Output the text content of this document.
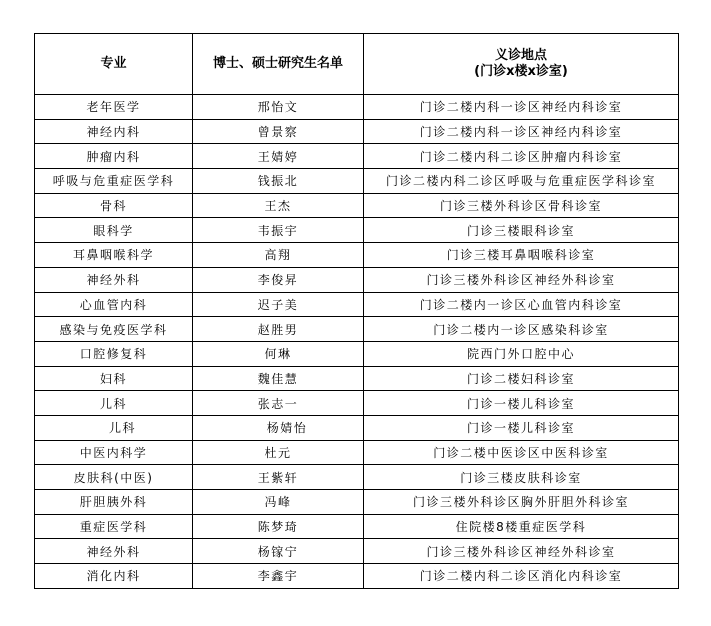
专业	博士、硕士研究生名单	义诊地点
(门诊x楼x诊室)

老年医学	邢怡文	门诊二楼内科一诊区神经内科诊室
神经内科	曾景察	门诊二楼内科一诊区神经内科诊室
肿瘤内科	王婧婷	门诊二楼内科二诊区肿瘤内科诊室
呼吸与危重症医学科	钱振北	门诊二楼内科二诊区呼吸与危重症医学科诊室
骨科	王杰	门诊三楼外科诊区骨科诊室
眼科学	韦振宇	门诊三楼眼科诊室
耳鼻咽喉科学	高翔	门诊三楼耳鼻咽喉科诊室
神经外科	李俊昇	门诊三楼外科诊区神经外科诊室
心血管内科	迟子美	门诊二楼内一诊区心血管内科诊室
感染与免疫医学科	赵胜男	门诊二楼内一诊区感染科诊室
口腔修复科	何琳	院西门外口腔中心
妇科	魏佳慧	门诊二楼妇科诊室
儿科	张志一	门诊一楼儿科诊室
儿科	杨婧怡	门诊一楼儿科诊室
中医内科学	杜元	门诊二楼中医诊区中医科诊室
皮肤科(中医)	王紫轩	门诊三楼皮肤科诊室
肝胆胰外科	冯峰	门诊三楼外科诊区胸外肝胆外科诊室
重症医学科	陈梦琦	住院楼8楼重症医学科
神经外科	杨镓宁	门诊三楼外科诊区神经外科诊室
消化内科	李鑫宇	门诊二楼内科二诊区消化内科诊室
